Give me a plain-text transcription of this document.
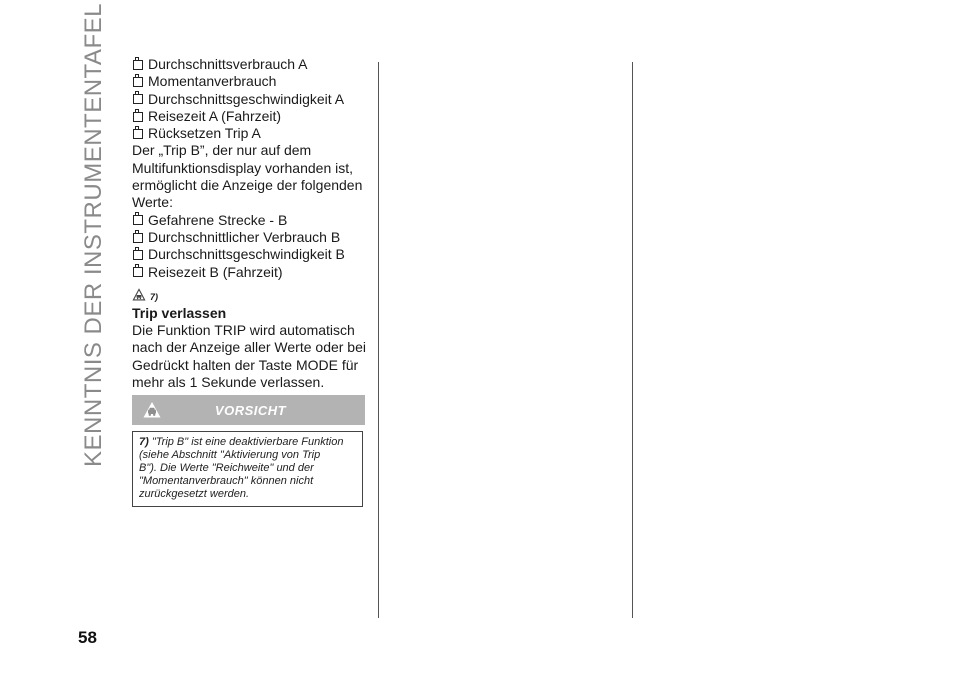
KENNTNIS DER INSTRUMENTENTAFEL
58
Durchschnittsverbrauch A
Momentanverbrauch
Durchschnittsgeschwindigkeit A
Reisezeit A (Fahrzeit)
Rücksetzen Trip A
Der „Trip B”, der nur auf dem
Multifunktionsdisplay vorhanden ist,
ermöglicht die Anzeige der folgenden
Werte:
Gefahrene Strecke - B
Durchschnittlicher Verbrauch B
Durchschnittsgeschwindigkeit B
Reisezeit B (Fahrzeit)
7)
Trip verlassen
Die Funktion TRIP wird automatisch
nach der Anzeige aller Werte oder bei
Gedrückt halten der Taste MODE für
mehr als 1 Sekunde verlassen.
VORSICHT
7) "Trip B" ist eine deaktivierbare Funktion
(siehe Abschnitt "Aktivierung von Trip
B"). Die Werte "Reichweite" und der
"Momentanverbrauch" können nicht
zurückgesetzt werden.
